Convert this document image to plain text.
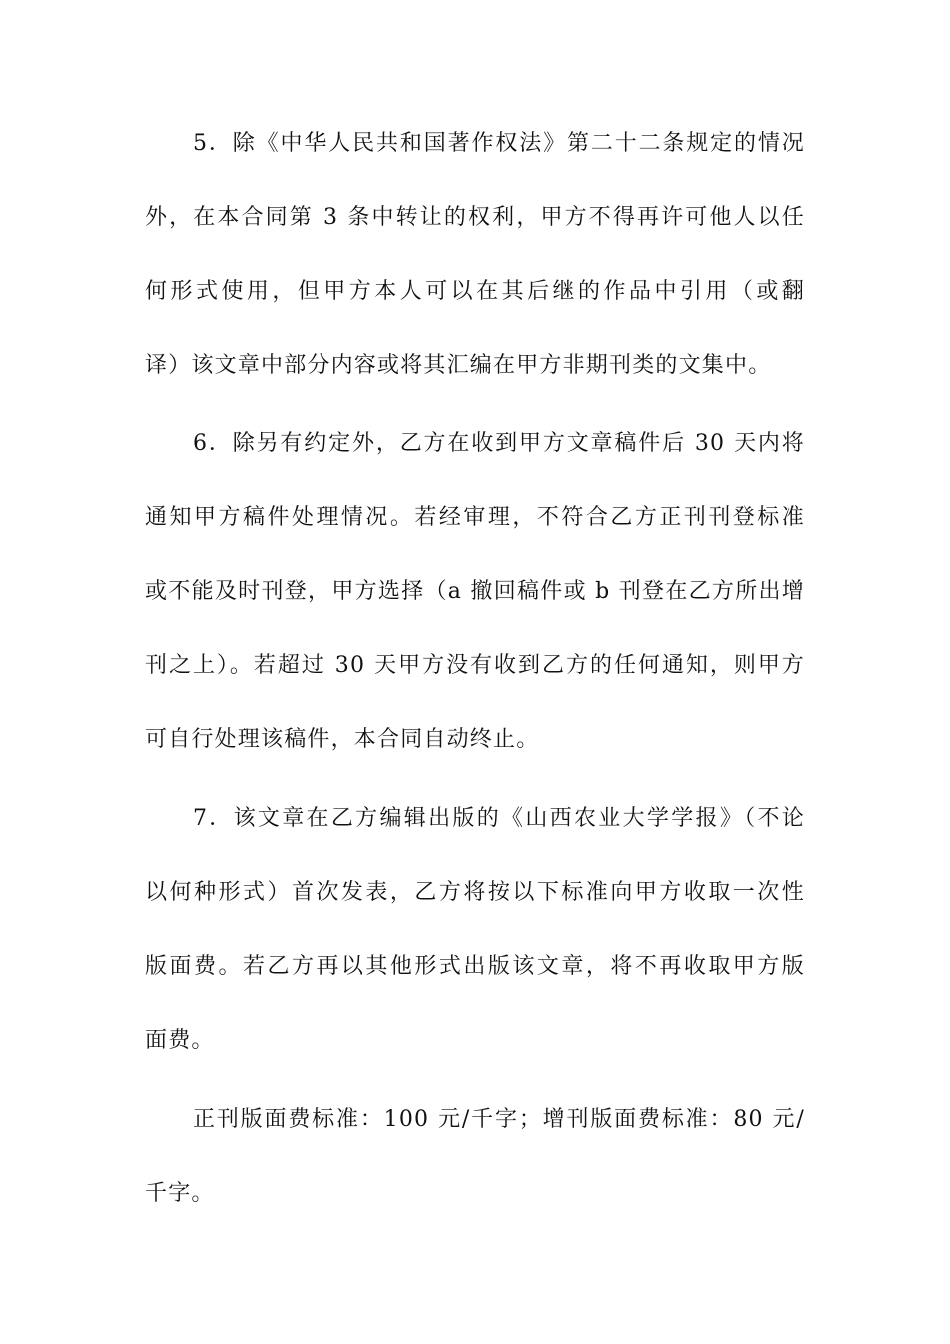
5．除《中华人民共和国著作权法》第二十二条规定的情况
外，在本合同第 3 条中转让的权利，甲方不得再许可他人以任
何形式使用，但甲方本人可以在其后继的作品中引用（或翻
译）该文章中部分内容或将其汇编在甲方非期刊类的文集中。
6．除另有约定外，乙方在收到甲方文章稿件后 30 天内将
通知甲方稿件处理情况。若经审理，不符合乙方正刊刊登标准
或不能及时刊登，甲方选择（a 撤回稿件或 b 刊登在乙方所出增
刊之上）。若超过 30 天甲方没有收到乙方的任何通知，则甲方
可自行处理该稿件，本合同自动终止。
7．该文章在乙方编辑出版的《山西农业大学学报》（不论
以何种形式）首次发表，乙方将按以下标准向甲方收取一次性
版面费。若乙方再以其他形式出版该文章，将不再收取甲方版
面费。
正刊版面费标准：100 元/千字；增刊版面费标准：80 元/
千字。
